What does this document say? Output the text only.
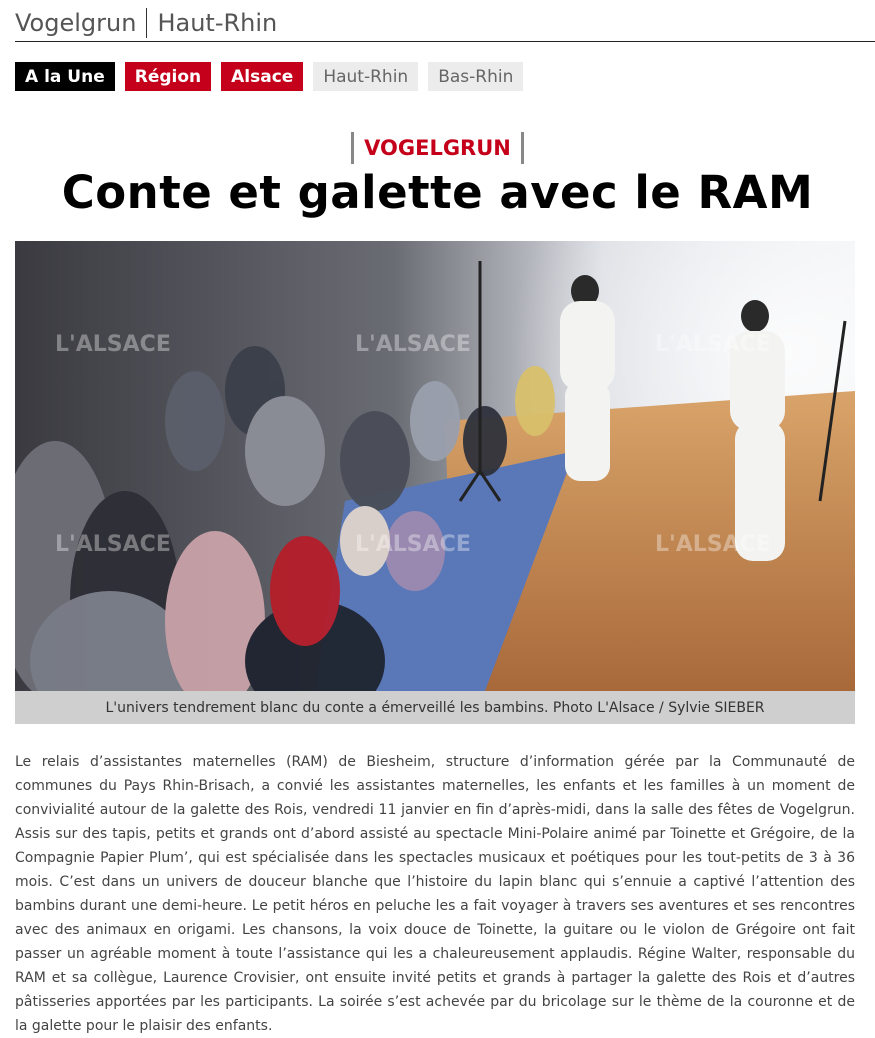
Vogelgrun Haut-Rhin
A la Une	Région	Alsace	Haut-Rhin	Bas-Rhin
VOGELGRUN
Conte et galette avec le RAM
L'ALSACE	L'ALSACE	L'ALSACE
L'ALSACE	L'ALSACE	L'ALSACE
L'univers tendrement blanc du conte a émerveillé les bambins. Photo L'Alsace / Sylvie SIEBER

Le relais d’assistantes maternelles (RAM) de Biesheim, structure d’information gérée par la Communauté de communes du Pays Rhin-Brisach, a convié les assistantes maternelles, les enfants et les familles à un moment de convivialité autour de la galette des Rois, vendredi 11 janvier en fin d’après-midi, dans la salle des fêtes de Vogelgrun. Assis sur des tapis, petits et grands ont d’abord assisté au spectacle Mini-Polaire animé par Toinette et Grégoire, de la Compagnie Papier Plum’, qui est spécialisée dans les spectacles musicaux et poétiques pour les tout-petits de 3 à 36 mois. C’est dans un univers de douceur blanche que l’histoire du lapin blanc qui s’ennuie a captivé l’attention des bambins durant une demi-heure. Le petit héros en peluche les a fait voyager à travers ses aventures et ses rencontres avec des animaux en origami. Les chansons, la voix douce de Toinette, la guitare ou le violon de Grégoire ont fait passer un agréable moment à toute l’assistance qui les a chaleureusement applaudis. Régine Walter, responsable du RAM et sa collègue, Laurence Crovisier, ont ensuite invité petits et grands à partager la galette des Rois et d’autres pâtisseries apportées par les participants. La soirée s’est achevée par du bricolage sur le thème de la couronne et de la galette pour le plaisir des enfants.
